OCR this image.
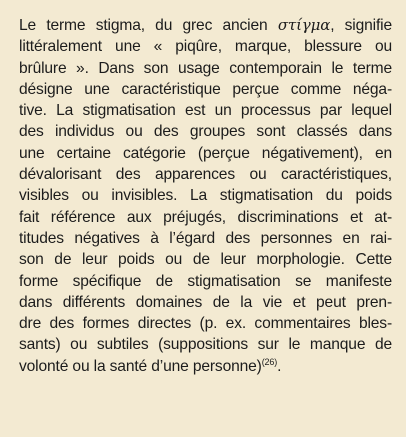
Le terme stigma, du grec ancien στίγμα, signifie
littéralement une « piqûre, marque, blessure ou
brûlure ». Dans son usage contemporain le terme
désigne une caractéristique perçue comme néga-
tive. La stigmatisation est un processus par lequel
des individus ou des groupes sont classés dans
une certaine catégorie (perçue négativement), en
dévalorisant des apparences ou caractéristiques,
visibles ou invisibles. La stigmatisation du poids
fait référence aux préjugés, discriminations et at-
titudes négatives à l’égard des personnes en rai-
son de leur poids ou de leur morphologie. Cette
forme spécifique de stigmatisation se manifeste
dans différents domaines de la vie et peut pren-
dre des formes directes (p. ex. commentaires bles-
sants) ou subtiles (suppositions sur le manque de
volonté ou la santé d’une personne)$^{(26)}$.
